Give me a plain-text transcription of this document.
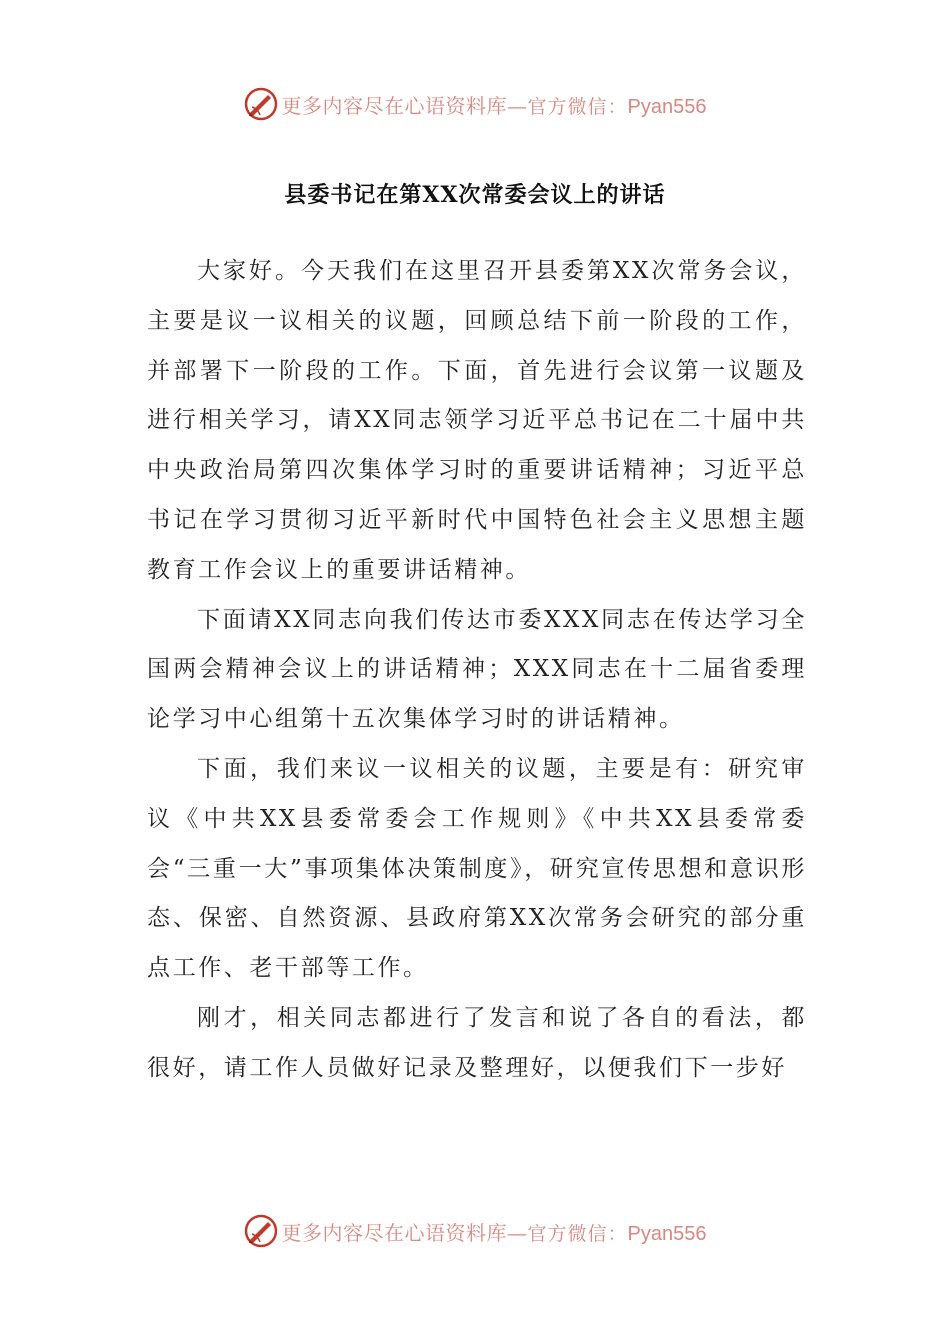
更多内容尽在心语资料库— 官方微信： Pyan556
县委书记在第XX次常委会议上的讲话

大家好。今天我们在这里召开县委第XX次常务会议，主要是议一议相关的议题，回顾总结下前一阶段的工作，并部署下一阶段的工作。下面，首先进行会议第一议题及进行相关学习，请XX同志领学习近平总书记在二十届中共中央政治局第四次集体学习时的重要讲话精神；习近平总书记在学习贯彻习近平新时代中国特色社会主义思想主题教育工作会议上的重要讲话精神。

下面请XX同志向我们传达市委XXX同志在传达学习全国两会精神会议上的讲话精神；XXX同志在十二届省委理论学习中心组第十五次集体学习时的讲话精神。

下面，我们来议一议相关的议题，主要是有：研究审议《中共XX县委常委会工作规则》《中共XX县委常委会“三重一大”事项集体决策制度》，研究宣传思想和意识形态、保密、自然资源、县政府第XX次常务会研究的部分重点工作、老干部等工作。

刚才，相关同志都进行了发言和说了各自的看法，都很好，请工作人员做好记录及整理好，以便我们下一步好

更多内容尽在心语资料库— 官方微信： Pyan556
